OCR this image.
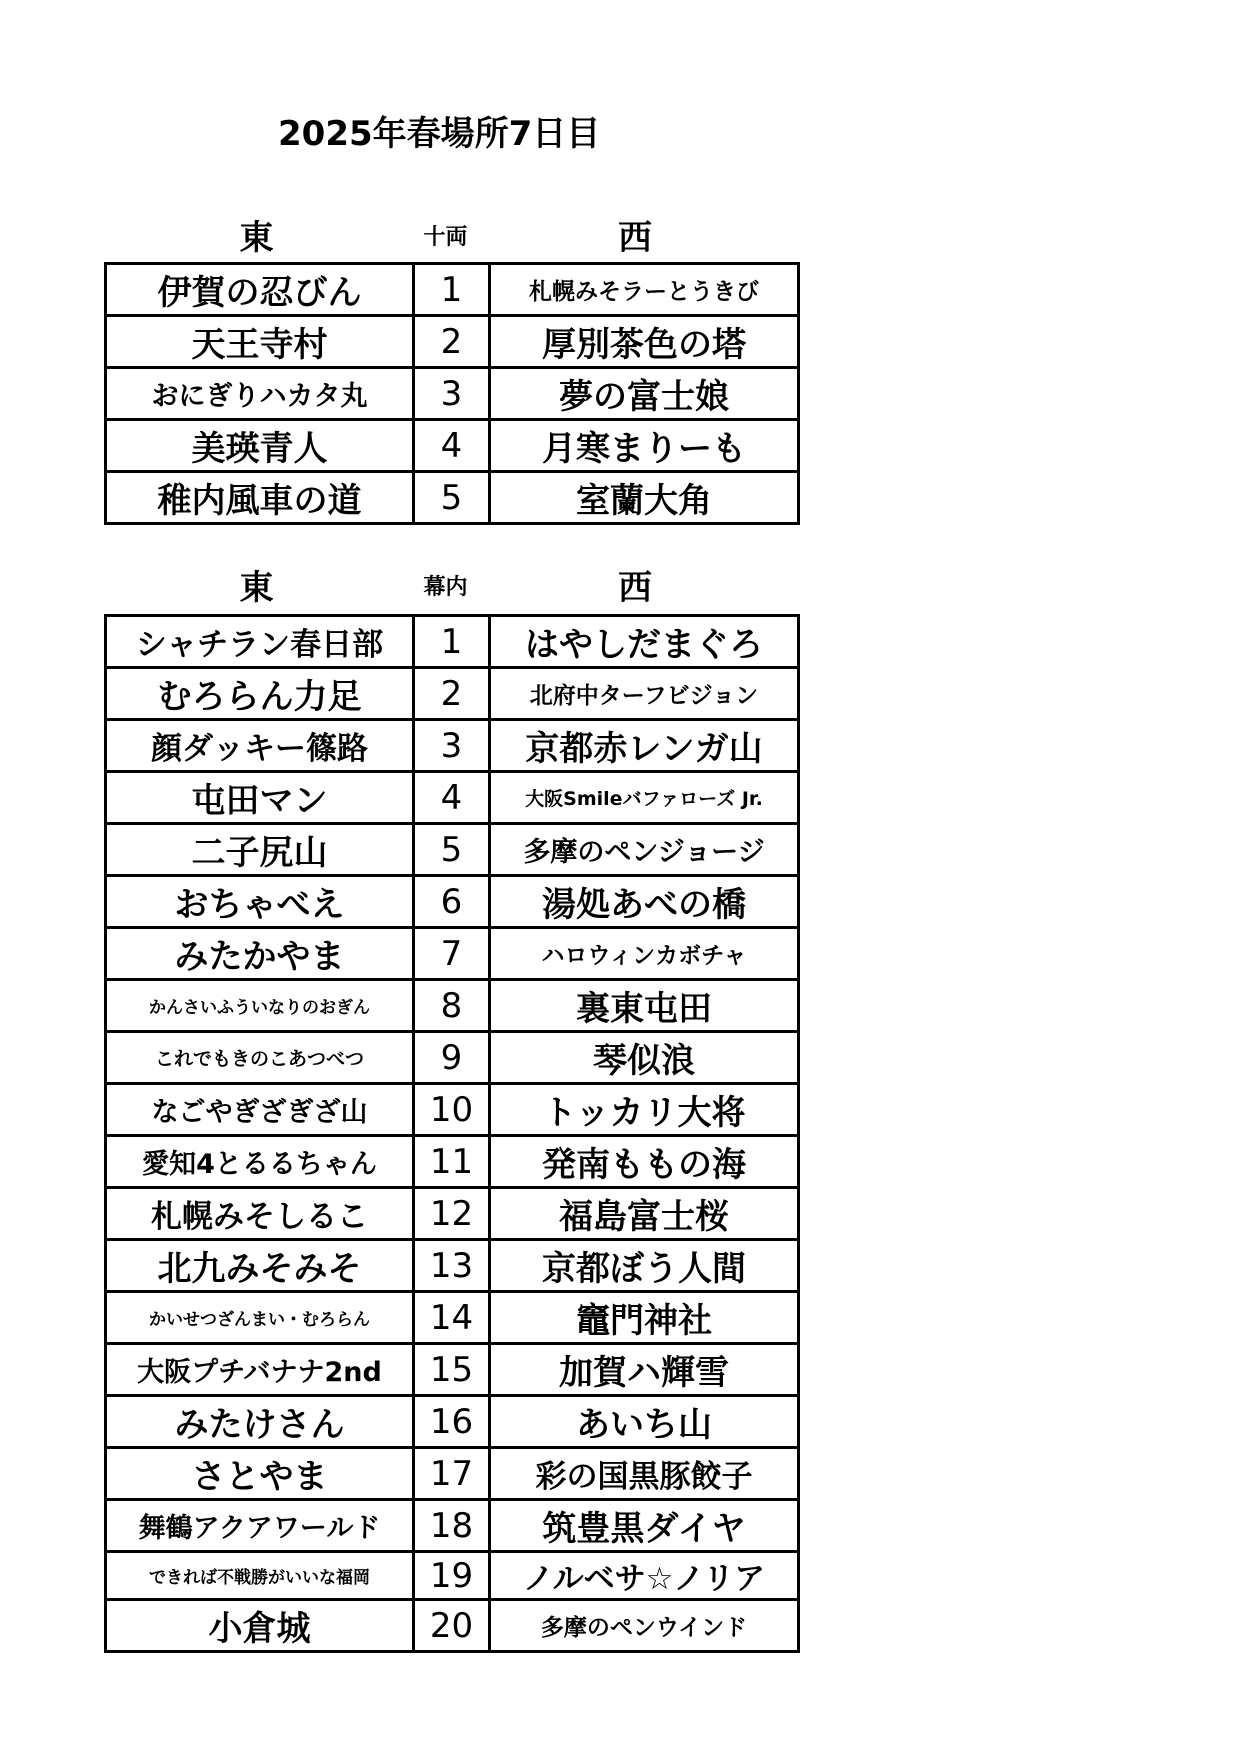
2025年春場所7日目
東	十両	西
伊賀の忍びん	1	札幌みそラーとうきび
天王寺村	2	厚別茶色の塔
おにぎりハカタ丸	3	夢の富士娘
美瑛青人	4	月寒まりーも
稚内風車の道	5	室蘭大角
東	幕内	西
シャチラン春日部	1	はやしだまぐろ
むろらん力足	2	北府中ターフビジョン
顔ダッキー篠路	3	京都赤レンガ山
屯田マン	4	大阪Smileバファローズ Jr.
二子尻山	5	多摩のペンジョージ
おちゃべえ	6	湯処あべの橋
みたかやま	7	ハロウィンカボチャ
かんさいふういなりのおぎん	8	裏東屯田
これでもきのこあつべつ	9	琴似浪
なごやぎざぎざ山	10	トッカリ大将
愛知4とるるちゃん	11	発南ももの海
札幌みそしるこ	12	福島富士桜
北九みそみそ	13	京都ぼう人間
かいせつざんまい・むろらん	14	竈門神社
大阪プチバナナ2nd	15	加賀ハ輝雪
みたけさん	16	あいち山
さとやま	17	彩の国黒豚餃子
舞鶴アクアワールド	18	筑豊黒ダイヤ
できれば不戦勝がいいな福岡	19	ノルベサ☆ノリア
小倉城	20	多摩のペンウインド
